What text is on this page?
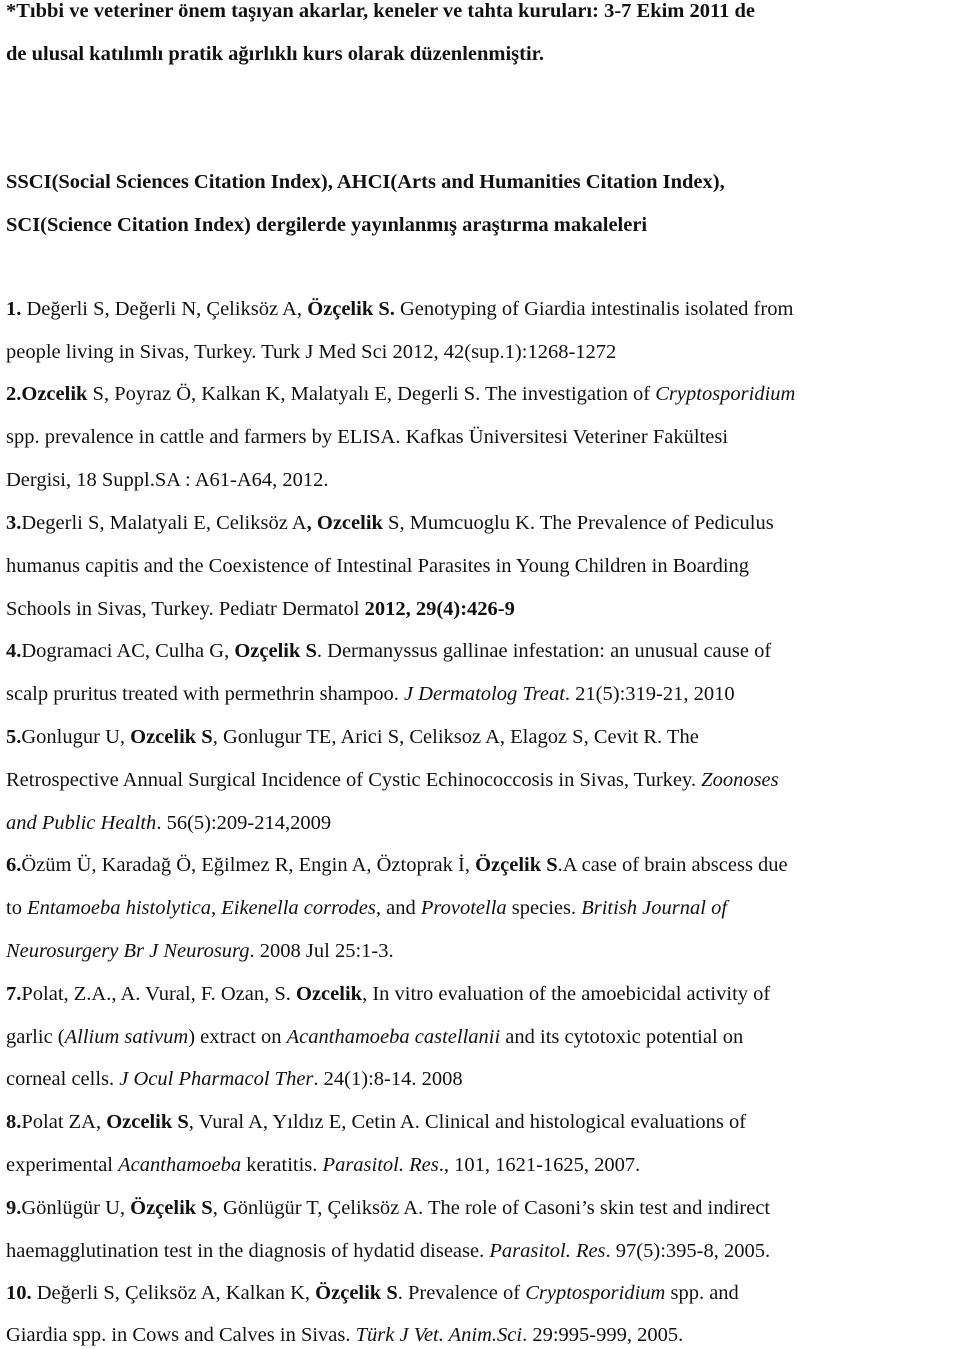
*Tıbbi ve veteriner önem taşıyan akarlar, keneler ve tahta kuruları: 3-7 Ekim 2011 de
de ulusal katılımlı pratik ağırlıklı kurs olarak düzenlenmiştir.
SSCI(Social Sciences Citation Index), AHCI(Arts and Humanities Citation Index),
SCI(Science Citation Index) dergilerde yayınlanmış araştırma makaleleri
1. Değerli S, Değerli N, Çeliksöz A, Özçelik S. Genotyping of Giardia intestinalis isolated from
people living in Sivas, Turkey. Turk J Med Sci 2012, 42(sup.1):1268-1272
2.Ozcelik S, Poyraz Ö, Kalkan K, Malatyalı E, Degerli S. The investigation of Cryptosporidium
spp. prevalence in cattle and farmers by ELISA. Kafkas Üniversitesi Veteriner Fakültesi
Dergisi, 18 Suppl.SA : A61-A64, 2012.
3.Degerli S, Malatyali E, Celiksöz A, Ozcelik S, Mumcuoglu K. The Prevalence of Pediculus
humanus capitis and the Coexistence of Intestinal Parasites in Young Children in Boarding
Schools in Sivas, Turkey. Pediatr Dermatol 2012, 29(4):426-9
4.Dogramaci AC, Culha G, Ozçelik S. Dermanyssus gallinae infestation: an unusual cause of
scalp pruritus treated with permethrin shampoo. J Dermatolog Treat. 21(5):319-21, 2010
5.Gonlugur U, Ozcelik S, Gonlugur TE, Arici S, Celiksoz A, Elagoz S, Cevit R. The
Retrospective Annual Surgical Incidence of Cystic Echinococcosis in Sivas, Turkey. Zoonoses
and Public Health. 56(5):209-214,2009
6.Özüm Ü, Karadağ Ö, Eğilmez R, Engin A, Öztoprak İ, Özçelik S.A case of brain abscess due
to Entamoeba histolytica, Eikenella corrodes, and Provotella species. British Journal of
Neurosurgery Br J Neurosurg. 2008 Jul 25:1-3.
7.Polat, Z.A., A. Vural, F. Ozan, S. Ozcelik, In vitro evaluation of the amoebicidal activity of
garlic (Allium sativum) extract on Acanthamoeba castellanii and its cytotoxic potential on
corneal cells. J Ocul Pharmacol Ther. 24(1):8-14. 2008
8.Polat ZA, Ozcelik S, Vural A, Yıldız E, Cetin A. Clinical and histological evaluations of
experimental Acanthamoeba keratitis. Parasitol. Res., 101, 1621-1625, 2007.
9.Gönlügür U, Özçelik S, Gönlügür T, Çeliksöz A. The role of Casoni’s skin test and indirect
haemagglutination test in the diagnosis of hydatid disease. Parasitol. Res. 97(5):395-8, 2005.
10. Değerli S, Çeliksöz A, Kalkan K, Özçelik S. Prevalence of Cryptosporidium spp. and
Giardia spp. in Cows and Calves in Sivas. Türk J Vet. Anim.Sci. 29:995-999, 2005.
